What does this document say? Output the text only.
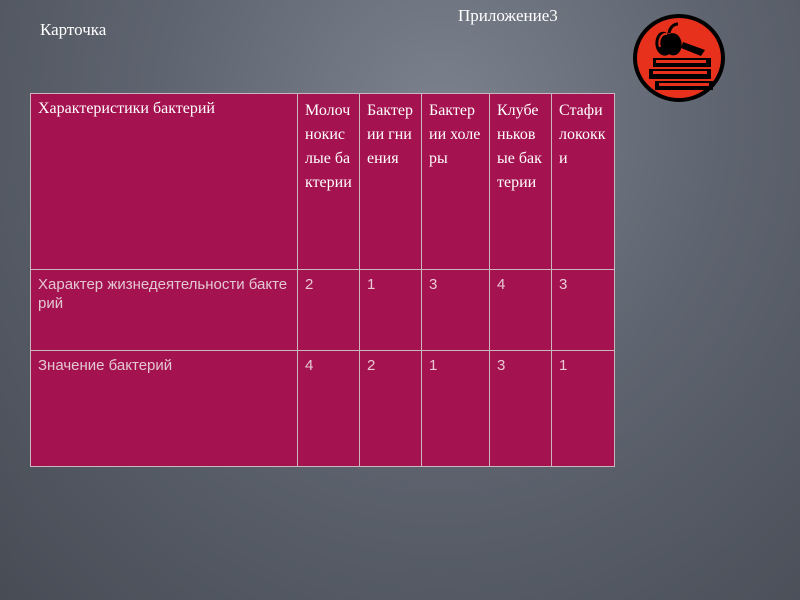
Карточка
Приложение3
Характеристики бактерий	Молочнокислые бактерии	Бактерии гниения	Бактерии холеры	Клубеньковые бактерии	Стафилококки
Характер жизнедеятельности бактерий	2	1	3	4	3
Значение бактерий	4	2	1	3	1
